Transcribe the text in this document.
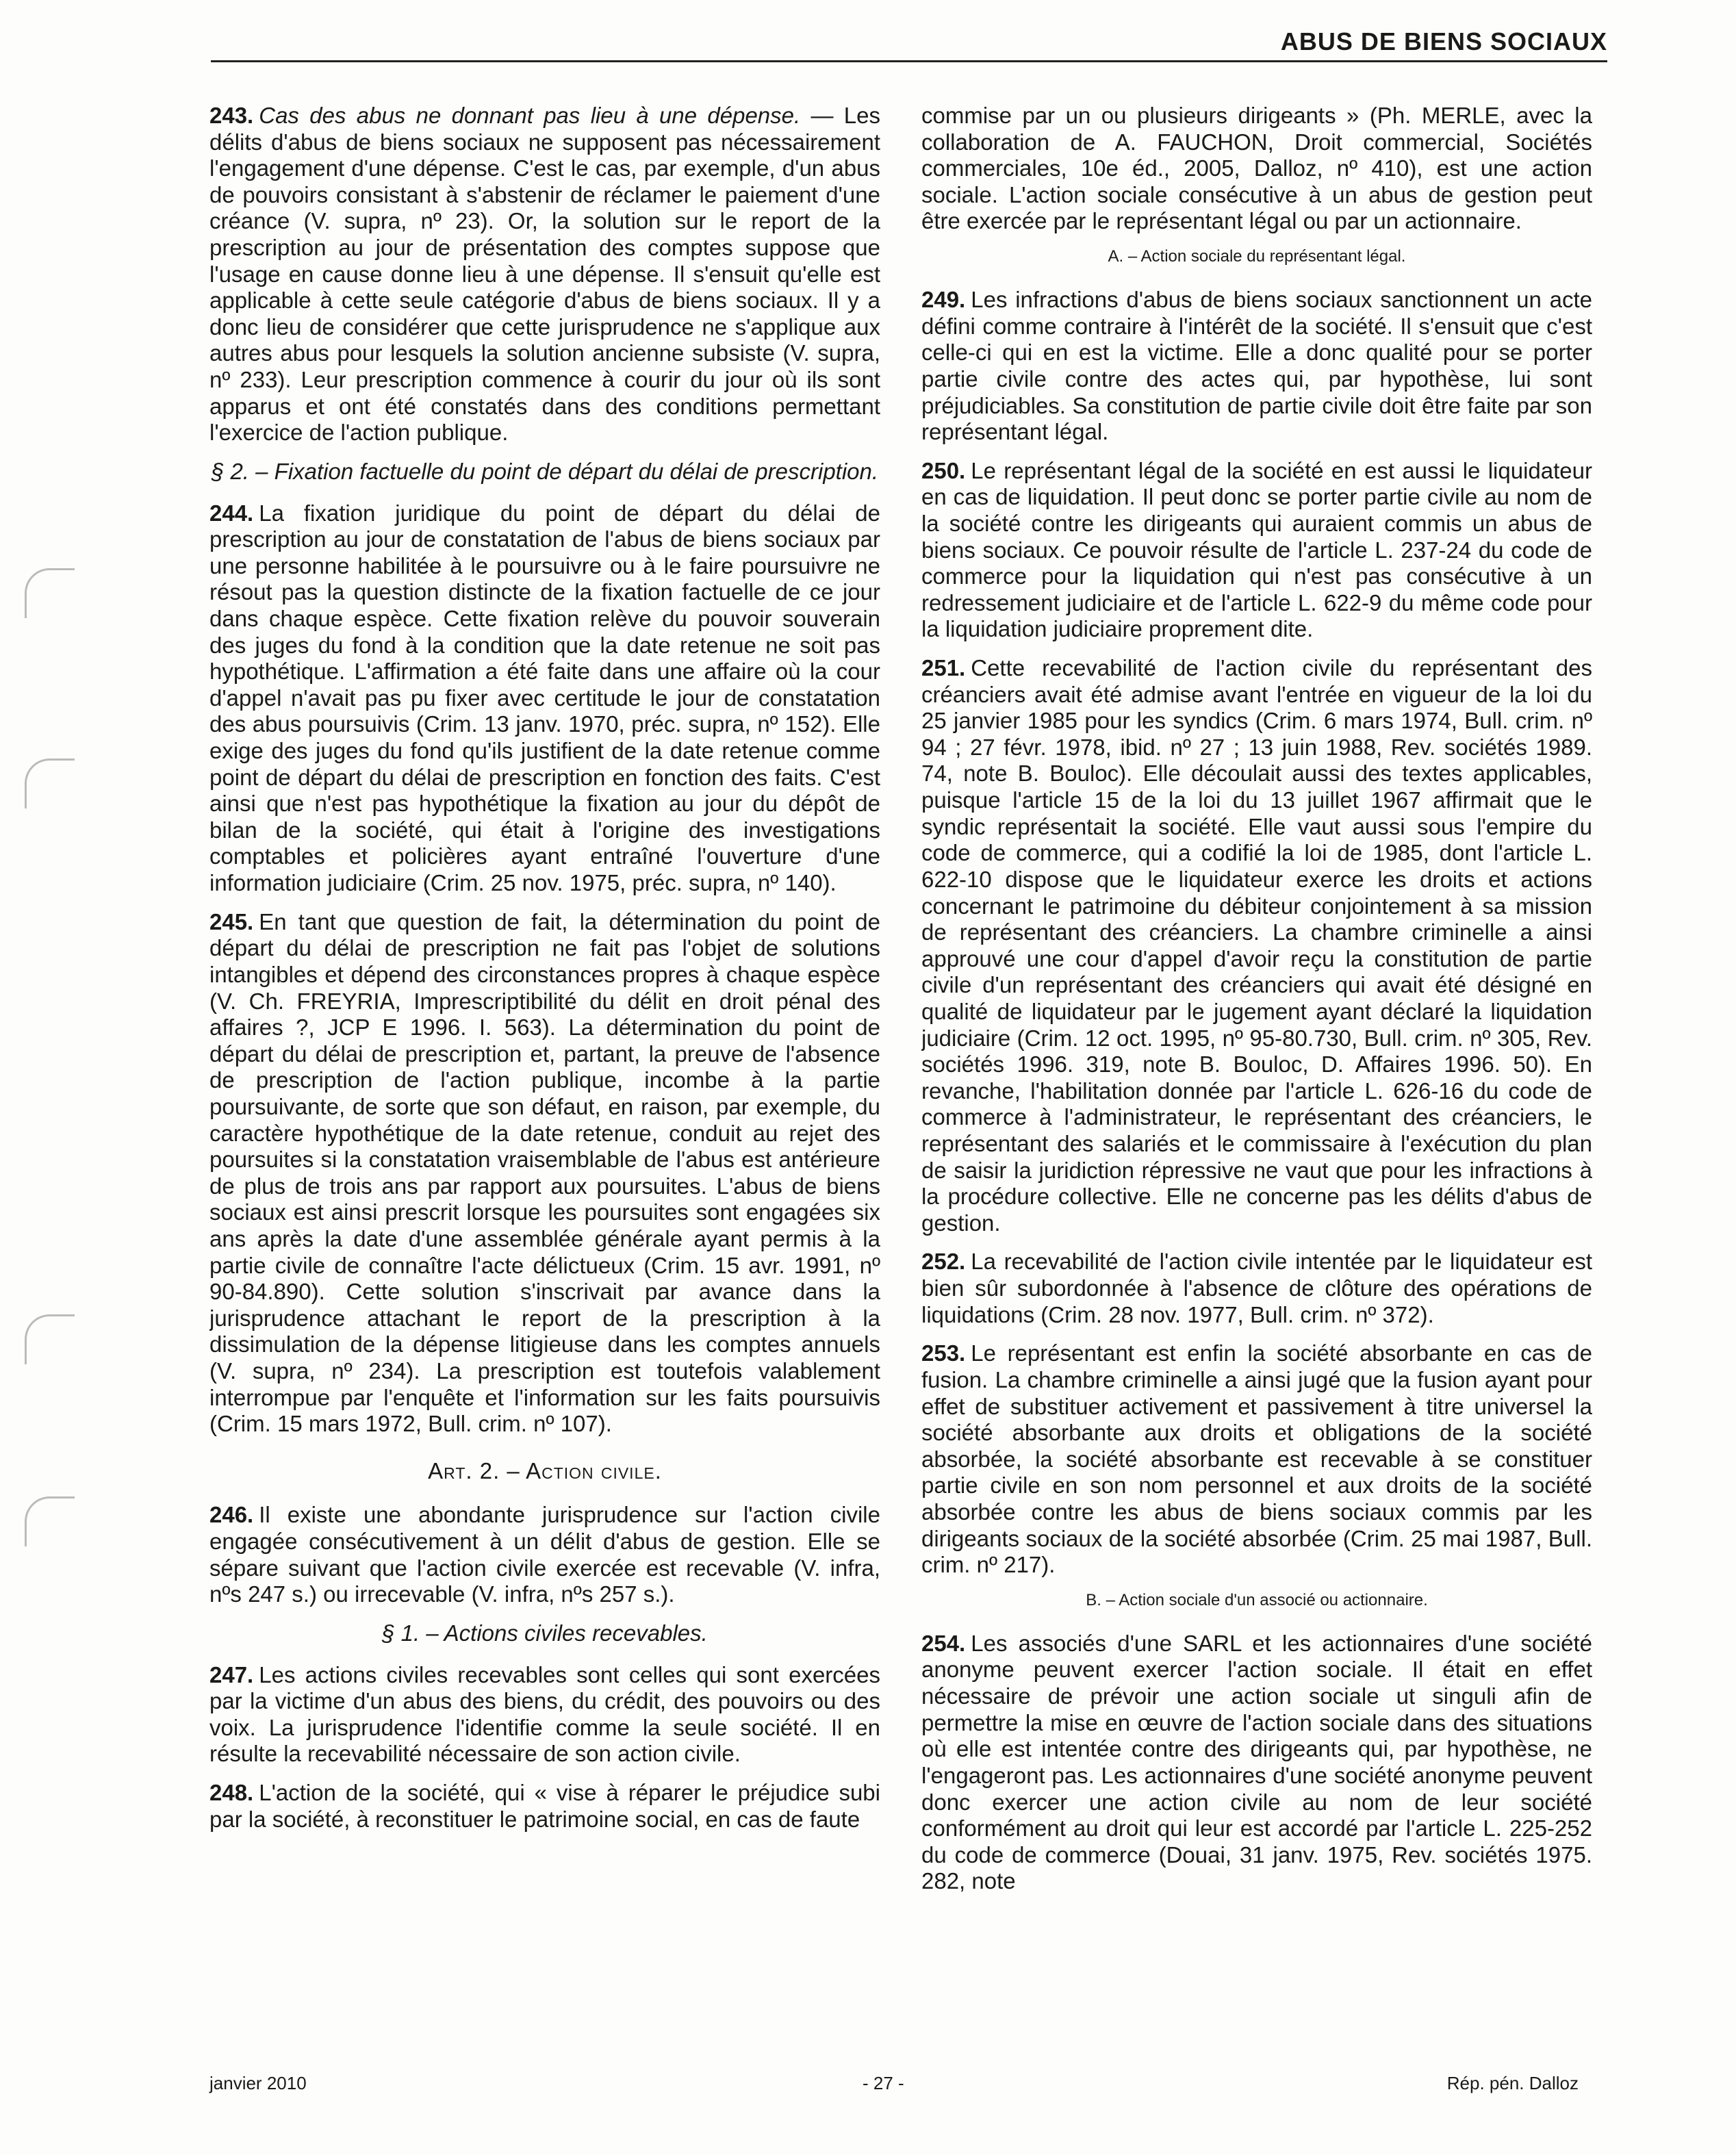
ABUS DE BIENS SOCIAUX

243. Cas des abus ne donnant pas lieu à une dépense. — Les délits d'abus de biens sociaux ne supposent pas nécessairement l'engagement d'une dépense. C'est le cas, par exemple, d'un abus de pouvoirs consistant à s'abstenir de réclamer le paiement d'une créance (V. supra, nº 23). Or, la solution sur le report de la prescription au jour de présentation des comptes suppose que l'usage en cause donne lieu à une dépense. Il s'ensuit qu'elle est applicable à cette seule catégorie d'abus de biens sociaux. Il y a donc lieu de considérer que cette jurisprudence ne s'applique aux autres abus pour lesquels la solution ancienne subsiste (V. supra, nº 233). Leur prescription commence à courir du jour où ils sont apparus et ont été constatés dans des conditions permettant l'exercice de l'action publique.

§ 2. – Fixation factuelle du point de départ du délai de prescription.

244. La fixation juridique du point de départ du délai de prescription au jour de constatation de l'abus de biens sociaux par une personne habilitée à le poursuivre ou à le faire poursuivre ne résout pas la question distincte de la fixation factuelle de ce jour dans chaque espèce. Cette fixation relève du pouvoir souverain des juges du fond à la condition que la date retenue ne soit pas hypothétique. L'affirmation a été faite dans une affaire où la cour d'appel n'avait pas pu fixer avec certitude le jour de constatation des abus poursuivis (Crim. 13 janv. 1970, préc. supra, nº 152). Elle exige des juges du fond qu'ils justifient de la date retenue comme point de départ du délai de prescription en fonction des faits. C'est ainsi que n'est pas hypothétique la fixation au jour du dépôt de bilan de la société, qui était à l'origine des investigations comptables et policières ayant entraîné l'ouverture d'une information judiciaire (Crim. 25 nov. 1975, préc. supra, nº 140).

245. En tant que question de fait, la détermination du point de départ du délai de prescription ne fait pas l'objet de solutions intangibles et dépend des circonstances propres à chaque espèce (V. Ch. FREYRIA, Imprescriptibilité du délit en droit pénal des affaires ?, JCP E 1996. I. 563). La détermination du point de départ du délai de prescription et, partant, la preuve de l'absence de prescription de l'action publique, incombe à la partie poursuivante, de sorte que son défaut, en raison, par exemple, du caractère hypothétique de la date retenue, conduit au rejet des poursuites si la constatation vraisemblable de l'abus est antérieure de plus de trois ans par rapport aux poursuites. L'abus de biens sociaux est ainsi prescrit lorsque les poursuites sont engagées six ans après la date d'une assemblée générale ayant permis à la partie civile de connaître l'acte délictueux (Crim. 15 avr. 1991, nº 90-84.890). Cette solution s'inscrivait par avance dans la jurisprudence attachant le report de la prescription à la dissimulation de la dépense litigieuse dans les comptes annuels (V. supra, nº 234). La prescription est toutefois valablement interrompue par l'enquête et l'information sur les faits poursuivis (Crim. 15 mars 1972, Bull. crim. nº 107).

Art. 2. – Action civile.

246. Il existe une abondante jurisprudence sur l'action civile engagée consécutivement à un délit d'abus de gestion. Elle se sépare suivant que l'action civile exercée est recevable (V. infra, nºs 247 s.) ou irrecevable (V. infra, nºs 257 s.).

§ 1. – Actions civiles recevables.

247. Les actions civiles recevables sont celles qui sont exercées par la victime d'un abus des biens, du crédit, des pouvoirs ou des voix. La jurisprudence l'identifie comme la seule société. Il en résulte la recevabilité nécessaire de son action civile.

248. L'action de la société, qui « vise à réparer le préjudice subi par la société, à reconstituer le patrimoine social, en cas de faute

commise par un ou plusieurs dirigeants » (Ph. MERLE, avec la collaboration de A. FAUCHON, Droit commercial, Sociétés commerciales, 10e éd., 2005, Dalloz, nº 410), est une action sociale. L'action sociale consécutive à un abus de gestion peut être exercée par le représentant légal ou par un actionnaire.

A. – Action sociale du représentant légal.

249. Les infractions d'abus de biens sociaux sanctionnent un acte défini comme contraire à l'intérêt de la société. Il s'ensuit que c'est celle-ci qui en est la victime. Elle a donc qualité pour se porter partie civile contre des actes qui, par hypothèse, lui sont préjudiciables. Sa constitution de partie civile doit être faite par son représentant légal.

250. Le représentant légal de la société en est aussi le liquidateur en cas de liquidation. Il peut donc se porter partie civile au nom de la société contre les dirigeants qui auraient commis un abus de biens sociaux. Ce pouvoir résulte de l'article L. 237-24 du code de commerce pour la liquidation qui n'est pas consécutive à un redressement judiciaire et de l'article L. 622-9 du même code pour la liquidation judiciaire proprement dite.

251. Cette recevabilité de l'action civile du représentant des créanciers avait été admise avant l'entrée en vigueur de la loi du 25 janvier 1985 pour les syndics (Crim. 6 mars 1974, Bull. crim. nº 94 ; 27 févr. 1978, ibid. nº 27 ; 13 juin 1988, Rev. sociétés 1989. 74, note B. Bouloc). Elle découlait aussi des textes applicables, puisque l'article 15 de la loi du 13 juillet 1967 affirmait que le syndic représentait la société. Elle vaut aussi sous l'empire du code de commerce, qui a codifié la loi de 1985, dont l'article L. 622-10 dispose que le liquidateur exerce les droits et actions concernant le patrimoine du débiteur conjointement à sa mission de représentant des créanciers. La chambre criminelle a ainsi approuvé une cour d'appel d'avoir reçu la constitution de partie civile d'un représentant des créanciers qui avait été désigné en qualité de liquidateur par le jugement ayant déclaré la liquidation judiciaire (Crim. 12 oct. 1995, nº 95-80.730, Bull. crim. nº 305, Rev. sociétés 1996. 319, note B. Bouloc, D. Affaires 1996. 50). En revanche, l'habilitation donnée par l'article L. 626-16 du code de commerce à l'administrateur, le représentant des créanciers, le représentant des salariés et le commissaire à l'exécution du plan de saisir la juridiction répressive ne vaut que pour les infractions à la procédure collective. Elle ne concerne pas les délits d'abus de gestion.

252. La recevabilité de l'action civile intentée par le liquidateur est bien sûr subordonnée à l'absence de clôture des opérations de liquidations (Crim. 28 nov. 1977, Bull. crim. nº 372).

253. Le représentant est enfin la société absorbante en cas de fusion. La chambre criminelle a ainsi jugé que la fusion ayant pour effet de substituer activement et passivement à titre universel la société absorbante aux droits et obligations de la société absorbée, la société absorbante est recevable à se constituer partie civile en son nom personnel et aux droits de la société absorbée contre les abus de biens sociaux commis par les dirigeants sociaux de la société absorbée (Crim. 25 mai 1987, Bull. crim. nº 217).

B. – Action sociale d'un associé ou actionnaire.

254. Les associés d'une SARL et les actionnaires d'une société anonyme peuvent exercer l'action sociale. Il était en effet nécessaire de prévoir une action sociale ut singuli afin de permettre la mise en œuvre de l'action sociale dans des situations où elle est intentée contre des dirigeants qui, par hypothèse, ne l'engageront pas. Les actionnaires d'une société anonyme peuvent donc exercer une action civile au nom de leur société conformément au droit qui leur est accordé par l'article L. 225-252 du code de commerce (Douai, 31 janv. 1975, Rev. sociétés 1975. 282, note

janvier 2010	- 27 -	Rép. pén. Dalloz
